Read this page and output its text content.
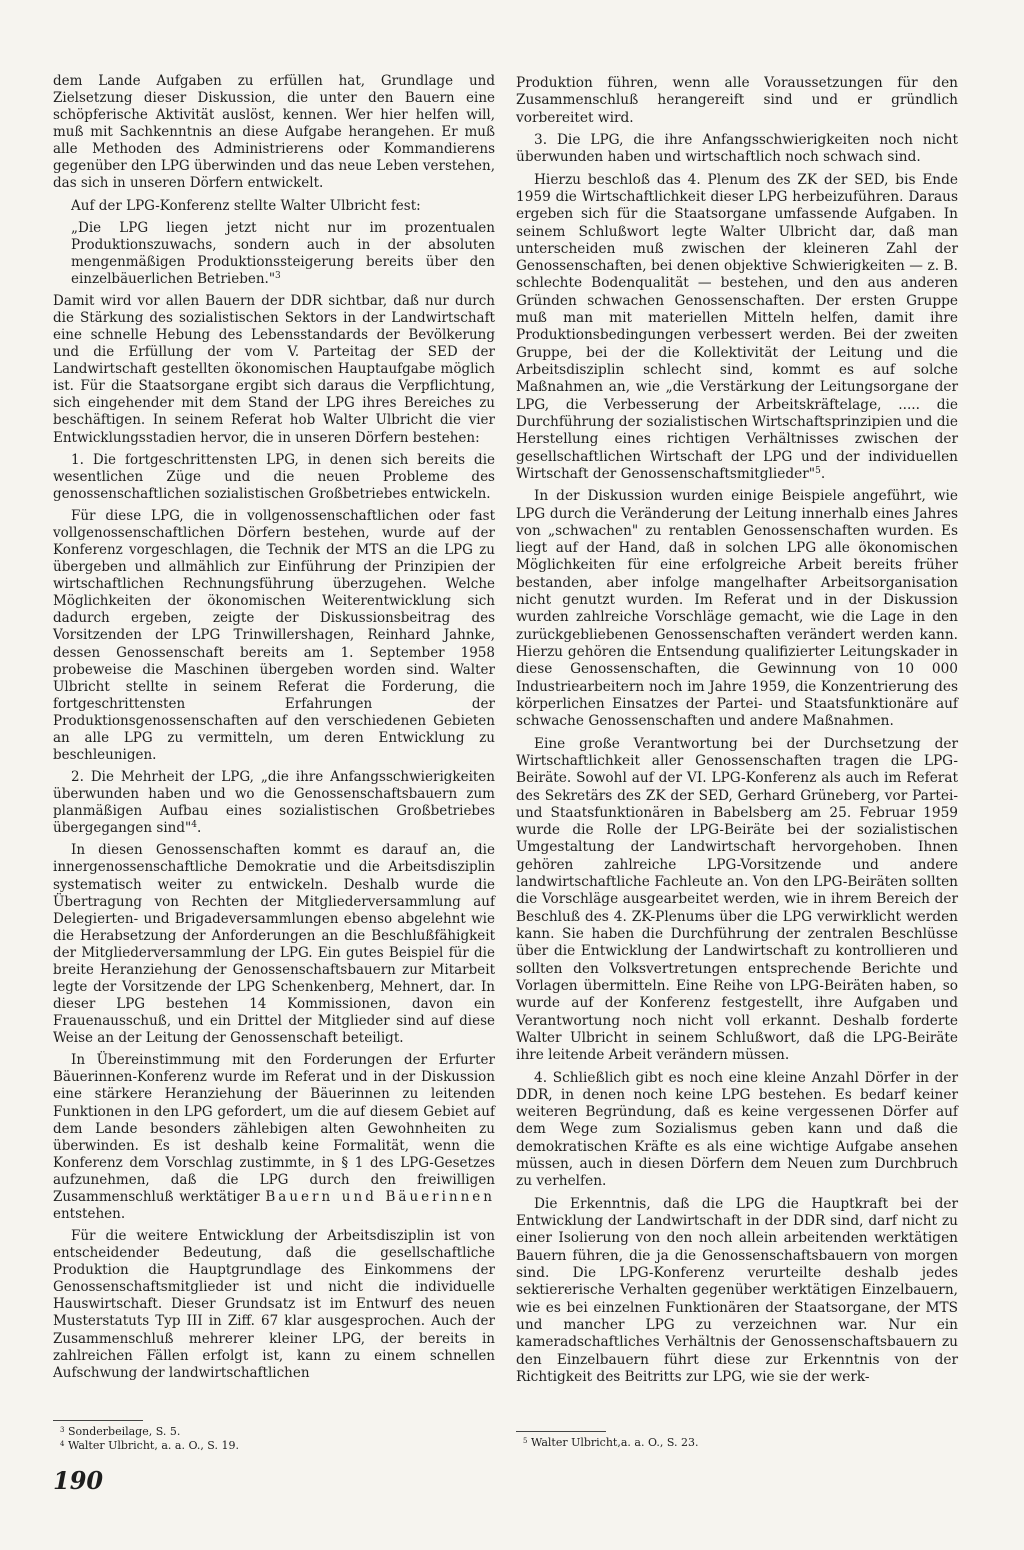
dem Lande Aufgaben zu erfüllen hat, Grundlage und Zielsetzung dieser Diskussion, die unter den Bauern eine schöpferische Aktivität auslöst, kennen. Wer hier helfen will, muß mit Sachkenntnis an diese Aufgabe herangehen. Er muß alle Methoden des Administrierens oder Kommandierens gegenüber den LPG überwinden und das neue Leben verstehen, das sich in unseren Dörfern entwickelt.

Auf der LPG-Konferenz stellte Walter Ulbricht fest:

„Die LPG liegen jetzt nicht nur im prozentualen Produktionszuwachs, sondern auch in der absoluten mengenmäßigen Produktionssteigerung bereits über den einzelbäuerlichen Betrieben."$^3$

Damit wird vor allen Bauern der DDR sichtbar, daß nur durch die Stärkung des sozialistischen Sektors in der Landwirtschaft eine schnelle Hebung des Lebensstandards der Bevölkerung und die Erfüllung der vom V. Parteitag der SED der Landwirtschaft gestellten ökonomischen Hauptaufgabe möglich ist. Für die Staatsorgane ergibt sich daraus die Verpflichtung, sich eingehender mit dem Stand der LPG ihres Bereiches zu beschäftigen. In seinem Referat hob Walter Ulbricht die vier Entwicklungsstadien hervor, die in unseren Dörfern bestehen:

1. Die fortgeschrittensten LPG, in denen sich bereits die wesentlichen Züge und die neuen Probleme des genossenschaftlichen sozialistischen Großbetriebes entwickeln.

Für diese LPG, die in vollgenossenschaftlichen oder fast vollgenossenschaftlichen Dörfern bestehen, wurde auf der Konferenz vorgeschlagen, die Technik der MTS an die LPG zu übergeben und allmählich zur Einführung der Prinzipien der wirtschaftlichen Rechnungsführung überzugehen. Welche Möglichkeiten der ökonomischen Weiterentwicklung sich dadurch ergeben, zeigte der Diskussionsbeitrag des Vorsitzenden der LPG Trinwillershagen, Reinhard Jahnke, dessen Genossenschaft bereits am 1. September 1958 probeweise die Maschinen übergeben worden sind. Walter Ulbricht stellte in seinem Referat die Forderung, die fortgeschrittensten Erfahrungen der Produktionsgenossenschaften auf den verschiedenen Gebieten an alle LPG zu vermitteln, um deren Entwicklung zu beschleunigen.

2. Die Mehrheit der LPG, „die ihre Anfangsschwierigkeiten überwunden haben und wo die Genossenschaftsbauern zum planmäßigen Aufbau eines sozialistischen Großbetriebes übergegangen sind"$^4$.

In diesen Genossenschaften kommt es darauf an, die innergenossenschaftliche Demokratie und die Arbeitsdisziplin systematisch weiter zu entwickeln. Deshalb wurde die Übertragung von Rechten der Mitgliederversammlung auf Delegierten- und Brigadeversammlungen ebenso abgelehnt wie die Herabsetzung der Anforderungen an die Beschlußfähigkeit der Mitgliederversammlung der LPG. Ein gutes Beispiel für die breite Heranziehung der Genossenschaftsbauern zur Mitarbeit legte der Vorsitzende der LPG Schenkenberg, Mehnert, dar. In dieser LPG bestehen 14 Kommissionen, davon ein Frauenausschuß, und ein Drittel der Mitglieder sind auf diese Weise an der Leitung der Genossenschaft beteiligt.

In Übereinstimmung mit den Forderungen der Erfurter Bäuerinnen-Konferenz wurde im Referat und in der Diskussion eine stärkere Heranziehung der Bäuerinnen zu leitenden Funktionen in den LPG gefordert, um die auf diesem Gebiet auf dem Lande besonders zählebigen alten Gewohnheiten zu überwinden. Es ist deshalb keine Formalität, wenn die Konferenz dem Vorschlag zustimmte, in § 1 des LPG-Gesetzes aufzunehmen, daß die LPG durch den freiwilligen Zusammenschluß werktätiger Bauern und Bäuerinnen entstehen.

Für die weitere Entwicklung der Arbeitsdisziplin ist von entscheidender Bedeutung, daß die gesellschaftliche Produktion die Hauptgrundlage des Einkommens der Genossenschaftsmitglieder ist und nicht die individuelle Hauswirtschaft. Dieser Grundsatz ist im Entwurf des neuen Musterstatuts Typ III in Ziff. 67 klar ausgesprochen. Auch der Zusammenschluß mehrerer kleiner LPG, der bereits in zahlreichen Fällen erfolgt ist, kann zu einem schnellen Aufschwung der landwirtschaftlichen

Produktion führen, wenn alle Voraussetzungen für den Zusammenschluß herangereift sind und er gründlich vorbereitet wird.

3. Die LPG, die ihre Anfangsschwierigkeiten noch nicht überwunden haben und wirtschaftlich noch schwach sind.

Hierzu beschloß das 4. Plenum des ZK der SED, bis Ende 1959 die Wirtschaftlichkeit dieser LPG herbeizuführen. Daraus ergeben sich für die Staatsorgane umfassende Aufgaben. In seinem Schlußwort legte Walter Ulbricht dar, daß man unterscheiden muß zwischen der kleineren Zahl der Genossenschaften, bei denen objektive Schwierigkeiten — z. B. schlechte Bodenqualität — bestehen, und den aus anderen Gründen schwachen Genossenschaften. Der ersten Gruppe muß man mit materiellen Mitteln helfen, damit ihre Produktionsbedingungen verbessert werden. Bei der zweiten Gruppe, bei der die Kollektivität der Leitung und die Arbeitsdisziplin schlecht sind, kommt es auf solche Maßnahmen an, wie „die Verstärkung der Leitungsorgane der LPG, die Verbesserung der Arbeitskräftelage, ..... die Durchführung der sozialistischen Wirtschaftsprinzipien und die Herstellung eines richtigen Verhältnisses zwischen der gesellschaftlichen Wirtschaft der LPG und der individuellen Wirtschaft der Genossenschaftsmitglieder"$^5$.

In der Diskussion wurden einige Beispiele angeführt, wie LPG durch die Veränderung der Leitung innerhalb eines Jahres von „schwachen" zu rentablen Genossenschaften wurden. Es liegt auf der Hand, daß in solchen LPG alle ökonomischen Möglichkeiten für eine erfolgreiche Arbeit bereits früher bestanden, aber infolge mangelhafter Arbeitsorganisation nicht genutzt wurden. Im Referat und in der Diskussion wurden zahlreiche Vorschläge gemacht, wie die Lage in den zurückgebliebenen Genossenschaften verändert werden kann. Hierzu gehören die Entsendung qualifizierter Leitungskader in diese Genossenschaften, die Gewinnung von 10 000 Industriearbeitern noch im Jahre 1959, die Konzentrierung des körperlichen Einsatzes der Partei- und Staatsfunktionäre auf schwache Genossenschaften und andere Maßnahmen.

Eine große Verantwortung bei der Durchsetzung der Wirtschaftlichkeit aller Genossenschaften tragen die LPG-Beiräte. Sowohl auf der VI. LPG-Konferenz als auch im Referat des Sekretärs des ZK der SED, Gerhard Grüneberg, vor Partei- und Staatsfunktionären in Babelsberg am 25. Februar 1959 wurde die Rolle der LPG-Beiräte bei der sozialistischen Umgestaltung der Landwirtschaft hervorgehoben. Ihnen gehören zahlreiche LPG-Vorsitzende und andere landwirtschaftliche Fachleute an. Von den LPG-Beiräten sollten die Vorschläge ausgearbeitet werden, wie in ihrem Bereich der Beschluß des 4. ZK-Plenums über die LPG verwirklicht werden kann. Sie haben die Durchführung der zentralen Beschlüsse über die Entwicklung der Landwirtschaft zu kontrollieren und sollten den Volksvertretungen entsprechende Berichte und Vorlagen übermitteln. Eine Reihe von LPG-Beiräten haben, so wurde auf der Konferenz festgestellt, ihre Aufgaben und Verantwortung noch nicht voll erkannt. Deshalb forderte Walter Ulbricht in seinem Schlußwort, daß die LPG-Beiräte ihre leitende Arbeit verändern müssen.

4. Schließlich gibt es noch eine kleine Anzahl Dörfer in der DDR, in denen noch keine LPG bestehen. Es bedarf keiner weiteren Begründung, daß es keine vergessenen Dörfer auf dem Wege zum Sozialismus geben kann und daß die demokratischen Kräfte es als eine wichtige Aufgabe ansehen müssen, auch in diesen Dörfern dem Neuen zum Durchbruch zu verhelfen.

Die Erkenntnis, daß die LPG die Hauptkraft bei der Entwicklung der Landwirtschaft in der DDR sind, darf nicht zu einer Isolierung von den noch allein arbeitenden werktätigen Bauern führen, die ja die Genossenschaftsbauern von morgen sind. Die LPG-Konferenz verurteilte deshalb jedes sektiererische Verhalten gegenüber werktätigen Einzelbauern, wie es bei einzelnen Funktionären der Staatsorgane, der MTS und mancher LPG zu verzeichnen war. Nur ein kameradschaftliches Verhältnis der Genossenschaftsbauern zu den Einzelbauern führt diese zur Erkenntnis von der Richtigkeit des Beitritts zur LPG, wie sie der werk-

$^3$ Sonderbeilage, S. 5.
$^4$ Walter Ulbricht, a. a. O., S. 19.	$^5$ Walter Ulbricht,a. a. O., S. 23.
190
